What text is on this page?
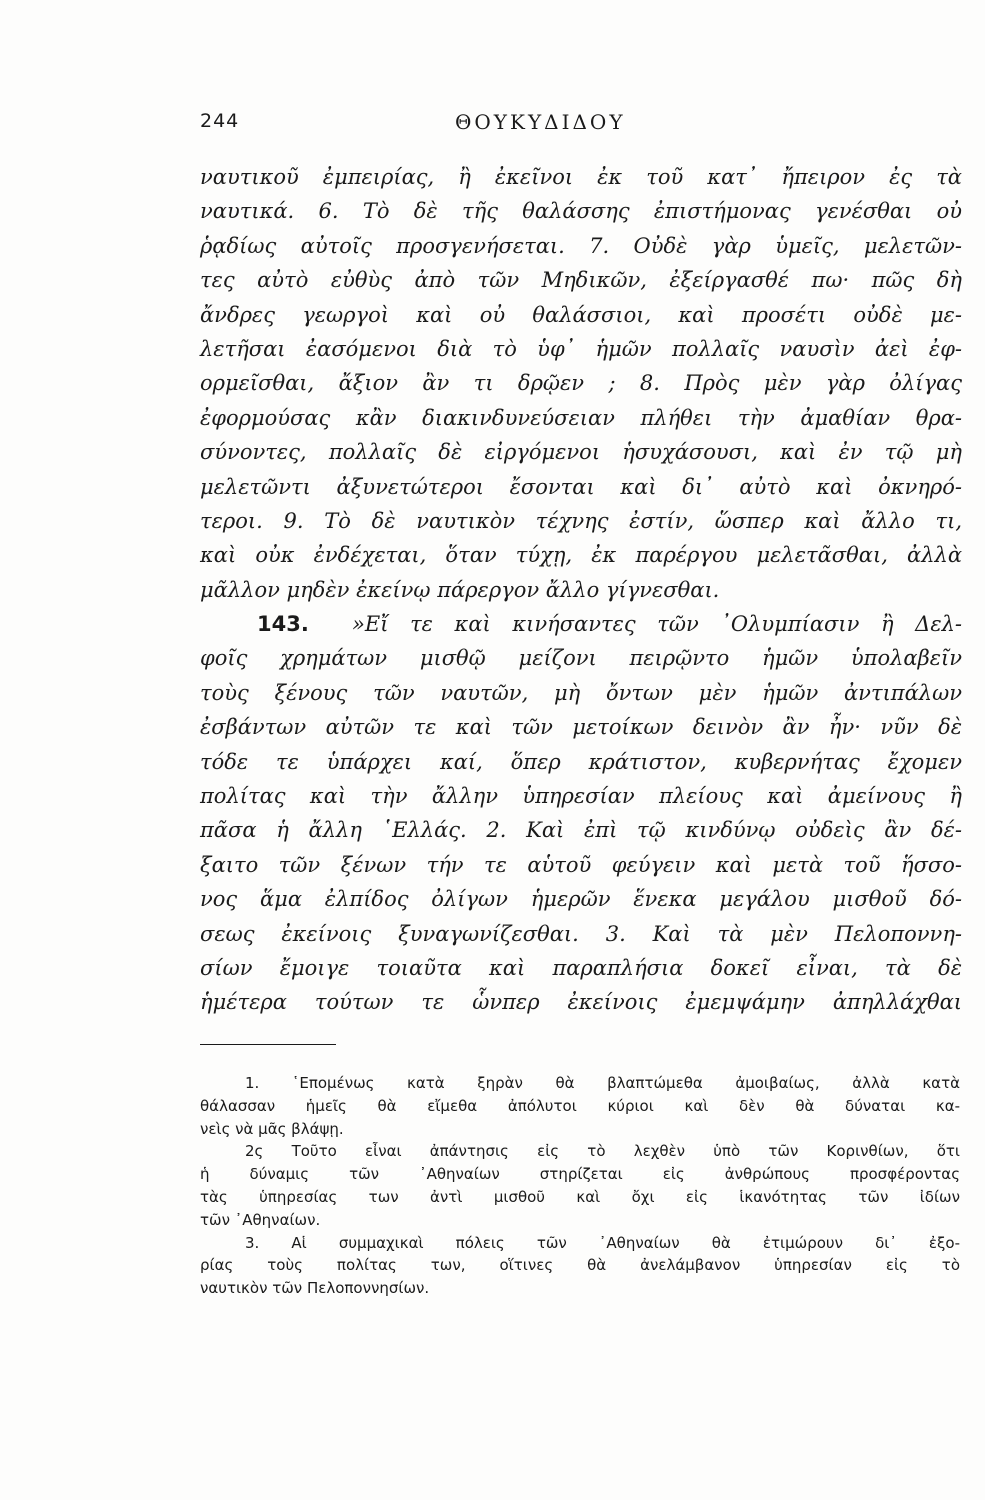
244	ΘΟΥΚΥΔΙΔΟΥ
ναυτικοῦ ἐμπειρίας, ἢ ἐκεῖνοι ἐκ τοῦ κατ᾽ ἤπειρον ἐς τὰ
ναυτικά. 6. Τὸ δὲ τῆς θαλάσσης ἐπιστήμονας γενέσθαι οὐ
ῥᾳδίως αὐτοῖς προσγενήσεται. 7. Οὐδὲ γὰρ ὑμεῖς, μελετῶν-
τες αὐτὸ εὐθὺς ἀπὸ τῶν Μηδικῶν, ἐξείργασθέ πω· πῶς δὴ
ἄνδρες γεωργοὶ καὶ οὐ θαλάσσιοι, καὶ προσέτι οὐδὲ με-
λετῆσαι ἐασόμενοι διὰ τὸ ὑφ᾽ ἡμῶν πολλαῖς ναυσὶν ἀεὶ ἐφ-
ορμεῖσθαι, ἄξιον ἂν τι δρῷεν ; 8. Πρὸς μὲν γὰρ ὀλίγας
ἐφορμούσας κἂν διακινδυνεύσειαν πλήθει τὴν ἀμαθίαν θρα-
σύνοντες, πολλαῖς δὲ εἰργόμενοι ἡσυχάσουσι, καὶ ἐν τῷ μὴ
μελετῶντι ἀξυνετώτεροι ἔσονται καὶ δι᾽ αὐτὸ καὶ ὀκνηρό-
τεροι. 9. Τὸ δὲ ναυτικὸν τέχνης ἐστίν, ὥσπερ καὶ ἄλλο τι,
καὶ οὐκ ἐνδέχεται, ὅταν τύχῃ, ἐκ παρέργου μελετᾶσθαι, ἀλλὰ
μᾶλλον μηδὲν ἐκείνῳ πάρεργον ἄλλο γίγνεσθαι.
143. »Εἴ τε καὶ κινήσαντες τῶν ᾽Ολυμπίασιν ἢ Δελ-
φοῖς χρημάτων μισθῷ μείζονι πειρῷντο ἡμῶν ὑπολαβεῖν
τοὺς ξένους τῶν ναυτῶν, μὴ ὄντων μὲν ἡμῶν ἀντιπάλων
ἐσβάντων αὐτῶν τε καὶ τῶν μετοίκων δεινὸν ἂν ἦν· νῦν δὲ
τόδε τε ὑπάρχει καί, ὅπερ κράτιστον, κυβερνήτας ἔχομεν
πολίτας καὶ τὴν ἄλλην ὑπηρεσίαν πλείους καὶ ἀμείνους ἢ
πᾶσα ἡ ἄλλη ῾Ελλάς. 2. Καὶ ἐπὶ τῷ κινδύνῳ οὐδεὶς ἂν δέ-
ξαιτο τῶν ξένων τήν τε αὑτοῦ φεύγειν καὶ μετὰ τοῦ ἥσσο-
νος ἅμα ἐλπίδος ὀλίγων ἡμερῶν ἕνεκα μεγάλου μισθοῦ δό-
σεως ἐκείνοις ξυναγωνίζεσθαι. 3. Καὶ τὰ μὲν Πελοποννη-
σίων ἔμοιγε τοιαῦτα καὶ παραπλήσια δοκεῖ εἶναι, τὰ δὲ
ἡμέτερα τούτων τε ὧνπερ ἐκείνοις ἐμεμψάμην ἀπηλλάχθαι
1. ῾Επομένως κατὰ ξηρὰν θὰ βλαπτώμεθα ἀμοιβαίως, ἀλλὰ κατὰ
θάλασσαν ἡμεῖς θὰ εἴμεθα ἀπόλυτοι κύριοι καὶ δὲν θὰ δύναται κα-
νεὶς νὰ μᾶς βλάψῃ.
2ς Τοῦτο εἶναι ἀπάντησις εἰς τὸ λεχθὲν ὑπὸ τῶν Κορινθίων, ὅτι
ἡ δύναμις τῶν ᾽Αθηναίων στηρίζεται εἰς ἀνθρώπους προσφέροντας
τὰς ὑπηρεσίας των ἀντὶ μισθοῦ καὶ ὄχι εἰς ἱκανότητας τῶν ἰδίων
τῶν ᾽Αθηναίων.
3. Αἱ συμμαχικαὶ πόλεις τῶν ᾽Αθηναίων θὰ ἐτιμώρουν δι᾽ ἐξο-
ρίας τοὺς πολίτας των, οἵτινες θὰ ἀνελάμβανον ὑπηρεσίαν εἰς τὸ
ναυτικὸν τῶν Πελοποννησίων.
